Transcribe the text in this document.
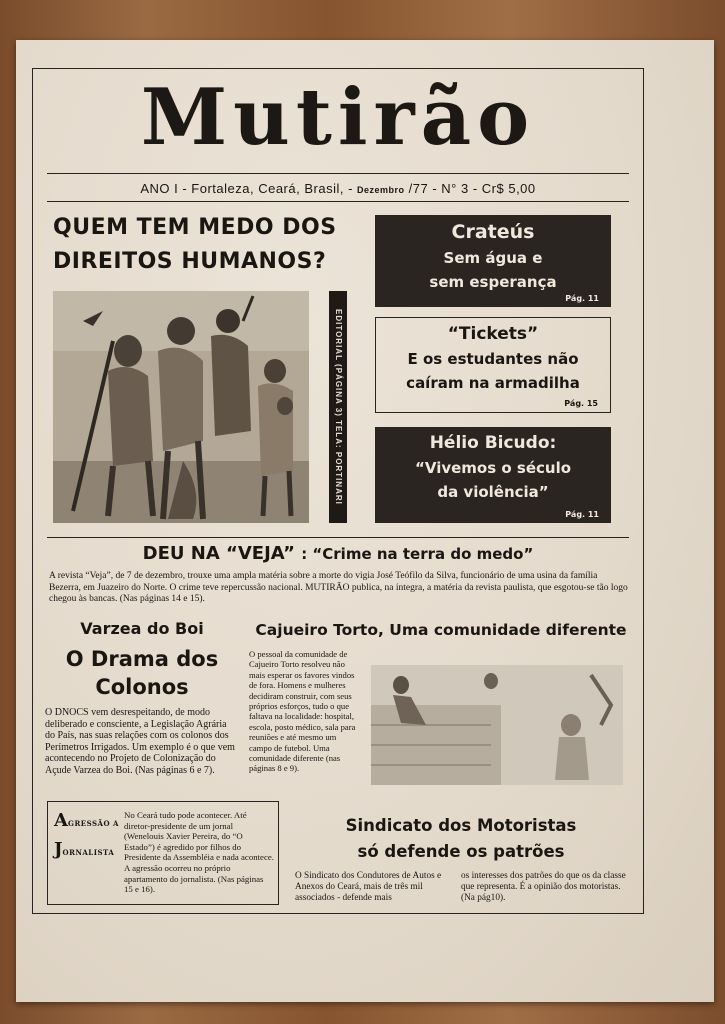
Mutirão
ANO I - Fortaleza, Ceará, Brasil, - Dezembro /77 - N° 3 - Cr$ 5,00
QUEM TEM MEDO DOS
DIREITOS HUMANOS?
EDITORIAL (PÁGINA 3) TELA: PORTINARI
Crateús
Sem água e
sem esperança
Pág. 11
“Tickets”
E os estudantes não
caíram na armadilha
Pág. 15
Hélio Bicudo:
“Vivemos o século
da violência”
Pág. 11
DEU NA “VEJA” : “Crime na terra do medo”
A revista “Veja”, de 7 de dezembro, trouxe uma ampla matéria sobre a morte do vigia José Teófilo da Silva, funcionário de uma usina da família Bezerra, em Juazeiro do Norte. O crime teve repercussão nacional. MUTIRÃO publica, na íntegra, a matéria da revista paulista, que esgotou-se tão logo chegou às bancas. (Nas páginas 14 e 15).
Varzea do Boi
O Drama dos
Colonos
O DNOCS vem desrespeitando, de modo deliberado e consciente, a Legislação Agrária do País, nas suas relações com os colonos dos Perímetros Irrigados. Um exemplo é o que vem acontecendo no Projeto de Colonização do Açude Varzea do Boi. (Nas páginas 6 e 7).
Cajueiro Torto, Uma comunidade diferente
O pessoal da comunidade de Cajueiro Torto resolveu não mais esperar os favores vindos de fora. Homens e mulheres decidiram construir, com seus próprios esforços, tudo o que faltava na localidade: hospital, escola, posto médico, sala para reuniões e até mesmo um campo de futebol. Uma comunidade diferente (nas páginas 8 e 9).
AGRESSÃO A
JORNALISTA
No Ceará tudo pode acontecer. Até diretor-presidente de um jornal (Wenelouis Xavier Pereira, do “O Estado”) é agredido por filhos do Presidente da Assembléia e nada acontece. A agressão ocorreu no próprio apartamento do jornalista. (Nas páginas 15 e 16).
Sindicato dos Motoristas
só defende os patrões
O Sindicato dos Condutores de Autos e Anexos do Ceará, mais de três mil associados - defende mais
os interesses dos patrões do que os da classe que representa. É a opinião dos motoristas. (Na pág10).
